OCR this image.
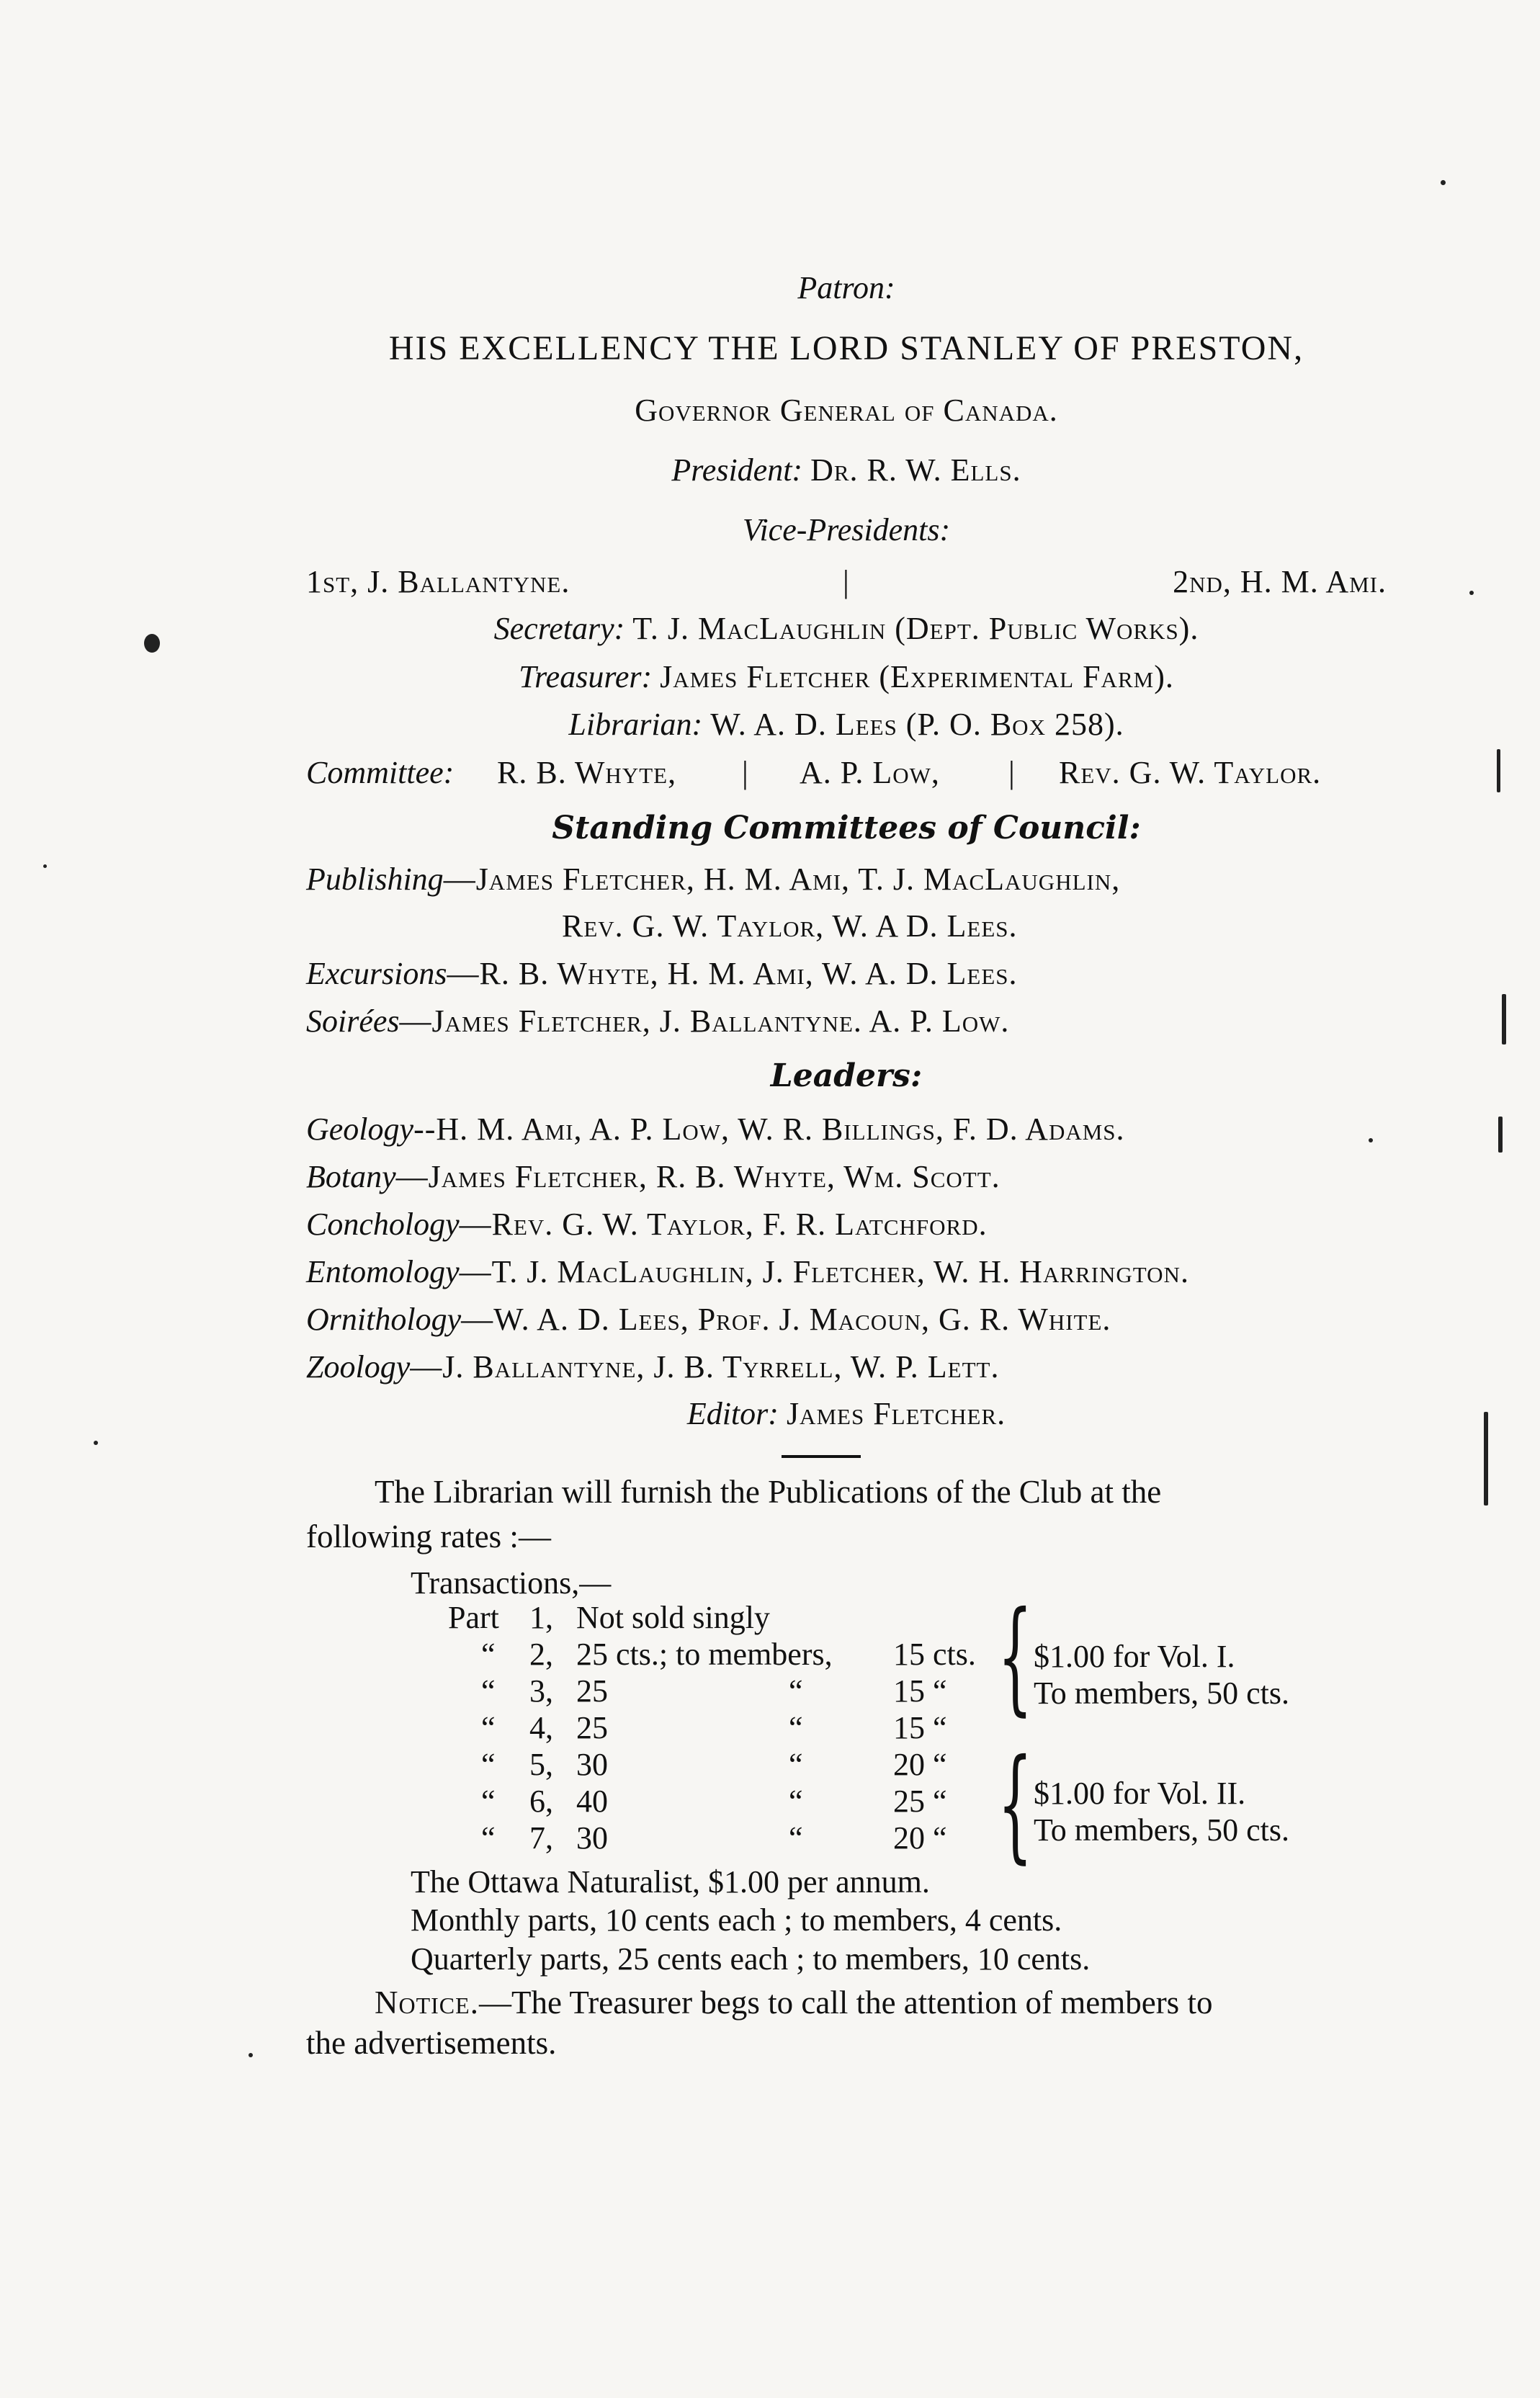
Patron:
HIS EXCELLENCY THE LORD STANLEY OF PRESTON,
Governor General of Canada.
President: Dr. R. W. Ells.
Vice-Presidents:
1st, J. Ballantyne.	|	2nd, H. M. Ami.
Secretary: T. J. MacLaughlin (Dept. Public Works).
Treasurer: James Fletcher (Experimental Farm).
Librarian: W. A. D. Lees (P. O. Box 258).
Committee:	R. B. Whyte, | A. P. Low, | Rev. G. W. Taylor.
Standing Committees of Council:
Publishing—James Fletcher, H. M. Ami, T. J. MacLaughlin,
Rev. G. W. Taylor, W. A D. Lees.
Excursions—R. B. Whyte, H. M. Ami, W. A. D. Lees.
Soirées—James Fletcher, J. Ballantyne. A. P. Low.
Leaders:
Geology--H. M. Ami, A. P. Low, W. R. Billings, F. D. Adams.
Botany—James Fletcher, R. B. Whyte, Wm. Scott.
Conchology—Rev. G. W. Taylor, F. R. Latchford.
Entomology—T. J. MacLaughlin, J. Fletcher, W. H. Harrington.
Ornithology—W. A. D. Lees, Prof. J. Macoun, G. R. White.
Zoology—J. Ballantyne, J. B. Tyrrell, W. P. Lett.
Editor: James Fletcher.
The Librarian will furnish the Publications of the Club at the
following rates :—
Transactions,—
Part 1, Not sold singly
“ 2, 25 cts.; to members, 15 cts.
“ 3, 25	“	15 “
“ 4, 25	“	15 “
“ 5, 30	“	20 “
“ 6, 40	“	25 “
“ 7, 30	“	20 “
{
{
$1.00 for Vol. I.
To members, 50 cts.
$1.00 for Vol. II.
To members, 50 cts.
The Ottawa Naturalist, $1.00 per annum.
Monthly parts, 10 cents each ; to members, 4 cents.
Quarterly parts, 25 cents each ; to members, 10 cents.
Notice.—The Treasurer begs to call the attention of members to
the advertisements.
